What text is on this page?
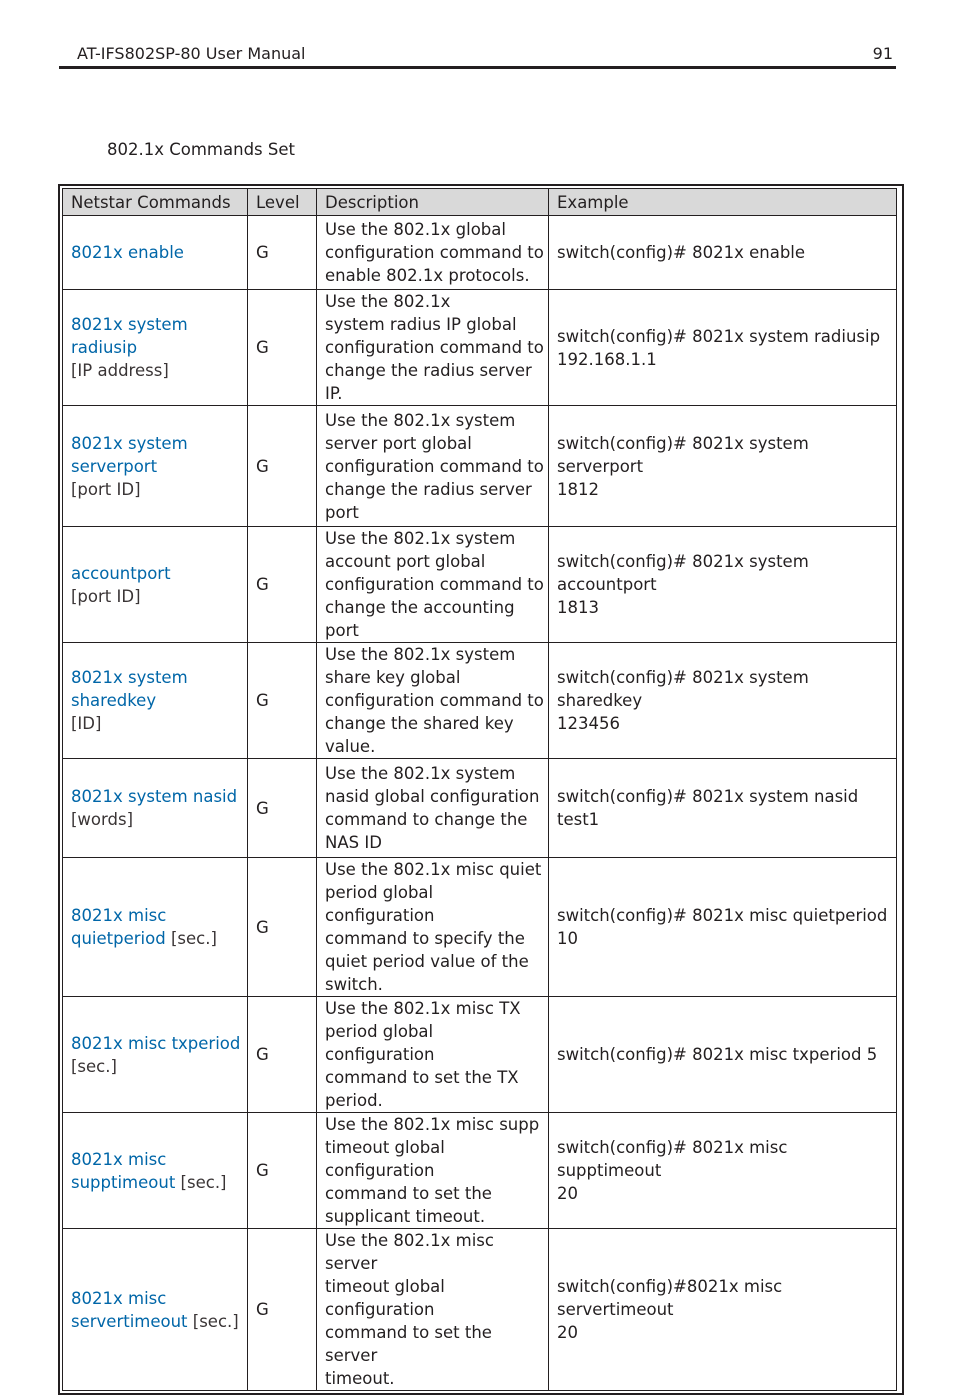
AT-IFS802SP-80 User Manual	91
802.1x Commands Set
Netstar Commands	Level	Description	Example
8021x enable	G	Use the 802.1x global
configuration command to
enable 802.1x protocols.	switch(config)# 8021x enable
8021x system radiusip
[IP address]	G	Use the 802.1x
system radius IP global
configuration command to
change the radius server IP.	switch(config)# 8021x system radiusip
192.168.1.1
8021x system
serverport
[port ID]	G	Use the 802.1x system
server port global
configuration command to
change the radius server
port	switch(config)# 8021x system serverport
1812
accountport
[port ID]	G	Use the 802.1x system
account port global
configuration command to
change the accounting port	switch(config)# 8021x system accountport
1813
8021x system
sharedkey
[ID]	G	Use the 802.1x system
share key global
configuration command to
change the shared key value.	switch(config)# 8021x system sharedkey
123456
8021x system nasid
[words]	G	Use the 802.1x system
nasid global configuration
command to change the
NAS ID	switch(config)# 8021x system nasid test1
8021x misc
quietperiod [sec.]	G	Use the 802.1x misc quiet
period global configuration
command to specify the
quiet period value of the
switch.	switch(config)# 8021x misc quietperiod 10
8021x misc txperiod
[sec.]	G	Use the 802.1x misc TX
period global configuration
command to set the TX
period.	switch(config)# 8021x misc txperiod 5
8021x misc
supptimeout [sec.]	G	Use the 802.1x misc supp
timeout global configuration
command to set the
supplicant timeout.	switch(config)# 8021x misc supptimeout
20
8021x misc
servertimeout [sec.]	G	Use the 802.1x misc server
timeout global configuration
command to set the server
timeout.	switch(config)#8021x misc servertimeout
20
